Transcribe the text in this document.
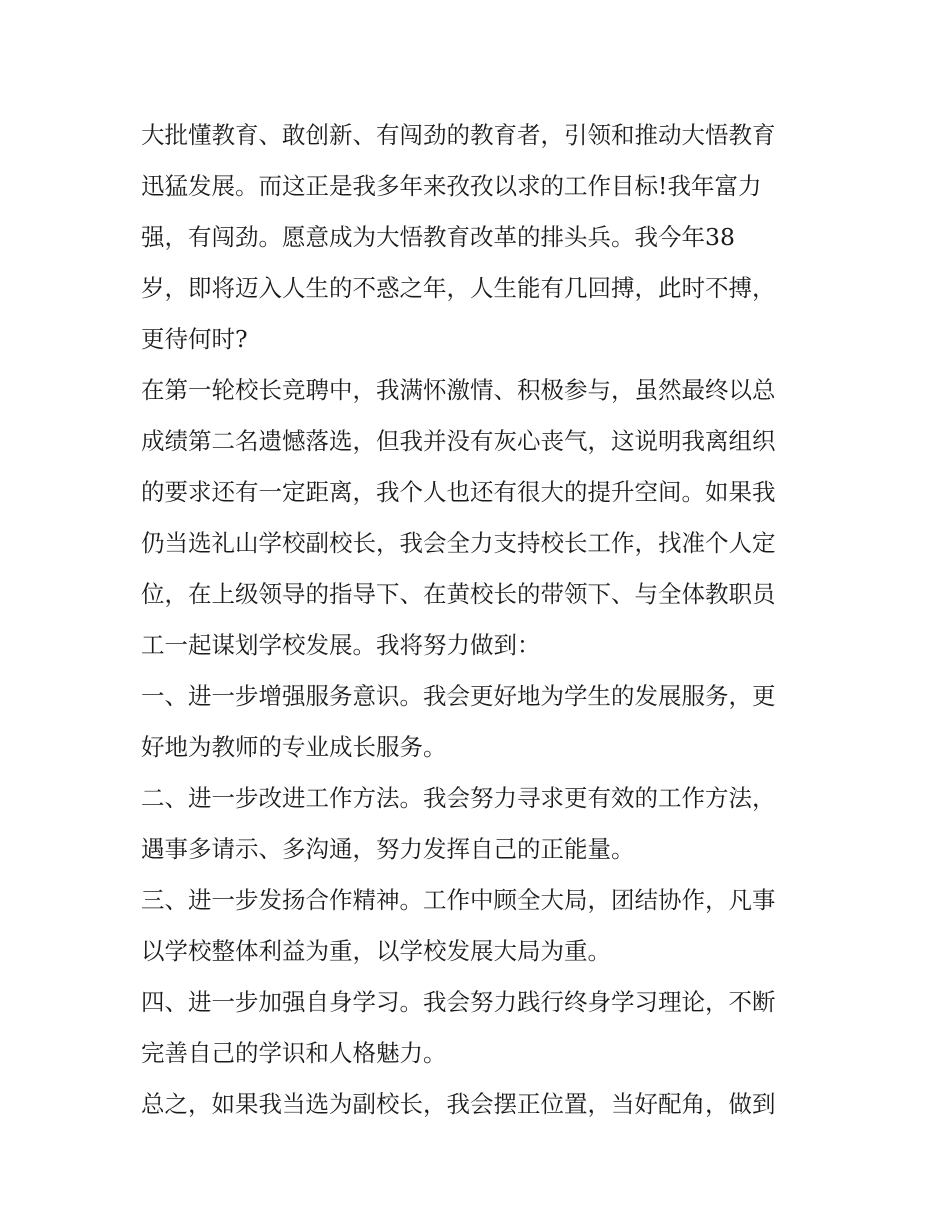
大批懂教育、敢创新、有闯劲的教育者，引领和推动大悟教育
迅猛发展。而这正是我多年来孜孜以求的工作目标!我年富力
强，有闯劲。愿意成为大悟教育改革的排头兵。我今年38
岁，即将迈入人生的不惑之年，人生能有几回搏，此时不搏，
更待何时?
在第一轮校长竞聘中，我满怀激情、积极参与，虽然最终以总
成绩第二名遗憾落选，但我并没有灰心丧气，这说明我离组织
的要求还有一定距离，我个人也还有很大的提升空间。如果我
仍当选礼山学校副校长，我会全力支持校长工作，找准个人定
位，在上级领导的指导下、在黄校长的带领下、与全体教职员
工一起谋划学校发展。我将努力做到：
一、进一步增强服务意识。我会更好地为学生的发展服务，更
好地为教师的专业成长服务。
二、进一步改进工作方法。我会努力寻求更有效的工作方法，
遇事多请示、多沟通，努力发挥自己的正能量。
三、进一步发扬合作精神。工作中顾全大局，团结协作，凡事
以学校整体利益为重，以学校发展大局为重。
四、进一步加强自身学习。我会努力践行终身学习理论，不断
完善自己的学识和人格魅力。
总之，如果我当选为副校长，我会摆正位置，当好配角，做到
